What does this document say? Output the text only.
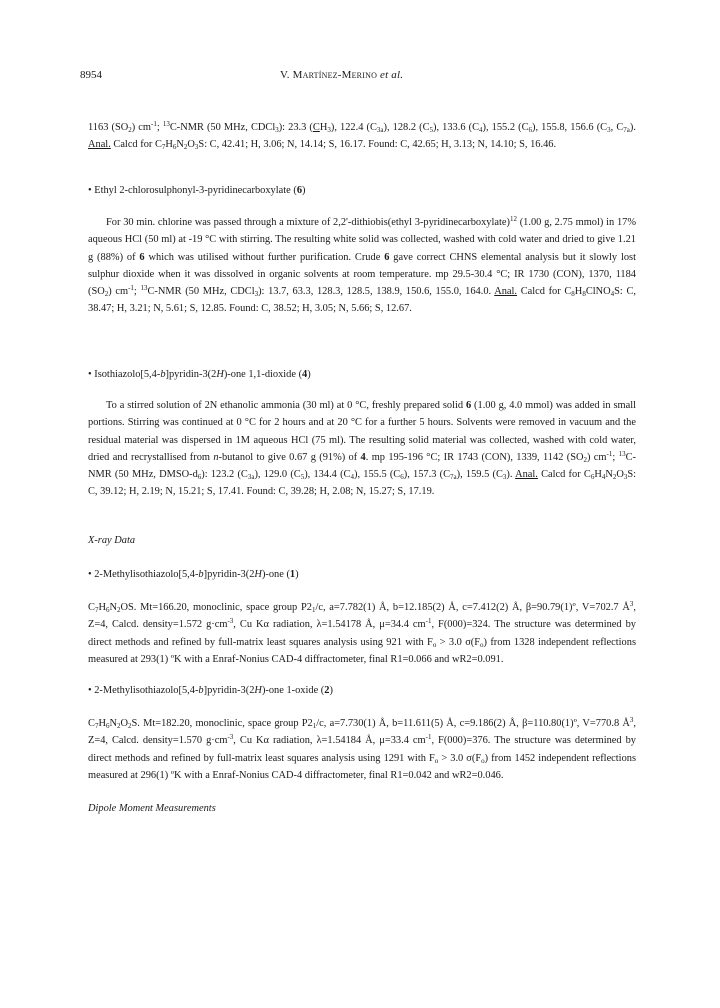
8954	V. Martínez-Merino et al.

1163 $(SO_2)$ $cm^{-1}$; $^{13}$C-NMR (50 MHz, CDCl$_3$): 23.3 $(CH_3)$, 122.4 $(C_{3a})$, 128.2 $(C_5)$, 133.6 $(C_4)$, 155.2 $(C_6)$, 155.8, 156.6 ($C_3$, $C_{7a}$). Anal. Calcd for $C_7H_6N_2O_3S$: C, 42.41; H, 3.06; N, 14.14; S, 16.17. Found: C, 42.65; H, 3.13; N, 14.10; S, 16.46.

• Ethyl 2-chlorosulphonyl-3-pyridinecarboxylate (6)

For 30 min. chlorine was passed through a mixture of 2,2'-dithiobis(ethyl 3-pyridinecarboxylate)$^{12}$ (1.00 g, 2.75 mmol) in 17% aqueous HCl (50 ml) at -19 °C with stirring. The resulting white solid was collected, washed with cold water and dried to give 1.21 g (88%) of 6 which was utilised without further purification. Crude 6 gave correct CHNS elemental analysis but it slowly lost sulphur dioxide when it was dissolved in organic solvents at room temperature. mp 29.5-30.4 °C; IR 1730 (CON), 1370, 1184 $(SO_2)$ $cm^{-1}$; $^{13}$C-NMR (50 MHz, CDCl$_3$): 13.7, 63.3, 128.3, 128.5, 138.9, 150.6, 155.0, 164.0. Anal. Calcd for $C_8H_8ClNO_4S$: C, 38.47; H, 3.21; N, 5.61; S, 12.85. Found: C, 38.52; H, 3.05; N, 5.66; S, 12.67.

• Isothiazolo[5,4-b]pyridin-3(2H)-one 1,1-dioxide (4)

To a stirred solution of 2N ethanolic ammonia (30 ml) at 0 °C, freshly prepared solid 6 (1.00 g, 4.0 mmol) was added in small portions. Stirring was continued at 0 °C for 2 hours and at 20 °C for a further 5 hours. Solvents were removed in vacuum and the residual material was dispersed in 1M aqueous HCl (75 ml). The resulting solid material was collected, washed with cold water, dried and recrystallised from n-butanol to give 0.67 g (91%) of 4. mp 195-196 °C; IR 1743 (CON), 1339, 1142 $(SO_2)$ $cm^{-1}$; $^{13}$C-NMR (50 MHz, DMSO-$d_6$): 123.2 $(C_{3a})$, 129.0 $(C_5)$, 134.4 $(C_4)$, 155.5 $(C_6)$, 157.3 $(C_{7a})$, 159.5 $(C_3)$. Anal. Calcd for $C_6H_4N_2O_3S$: C, 39.12; H, 2.19; N, 15.21; S, 17.41. Found: C, 39.28; H, 2.08; N, 15.27; S, 17.19.

X-ray Data

• 2-Methylisothiazolo[5,4-b]pyridin-3(2H)-one (1)

$C_7H_6N_2OS$. Mt=166.20, monoclinic, space group $P2_1/c$, a=7.782(1) Å, b=12.185(2) Å, c=7.412(2) Å, β=90.79(1)º, V=702.7 $Å^3$, Z=4, Calcd. density=1.572 $g\cdot cm^{-3}$, Cu Kα radiation, λ=1.54178 Å, μ=34.4 $cm^{-1}$, F(000)=324. The structure was determined by direct methods and refined by full-matrix least squares analysis using 921 with $F_o > 3.0$ $\sigma(F_o)$ from 1328 independent reflections measured at 293(1) ºK with a Enraf-Nonius CAD-4 diffractometer, final R1=0.066 and wR2=0.091.

• 2-Methylisothiazolo[5,4-b]pyridin-3(2H)-one 1-oxide (2)

$C_7H_6N_2O_2S$. Mt=182.20, monoclinic, space group $P2_1/c$, a=7.730(1) Å, b=11.611(5) Å, c=9.186(2) Å, β=110.80(1)º, V=770.8 $Å^3$, Z=4, Calcd. density=1.570 $g\cdot cm^{-3}$, Cu Kα radiation, λ=1.54184 Å, μ=33.4 $cm^{-1}$, F(000)=376. The structure was determined by direct methods and refined by full-matrix least squares analysis using 1291 with $F_o > 3.0$ $\sigma(F_o)$ from 1452 independent reflections measured at 296(1) ºK with a Enraf-Nonius CAD-4 diffractometer, final R1=0.042 and wR2=0.046.

Dipole Moment Measurements
